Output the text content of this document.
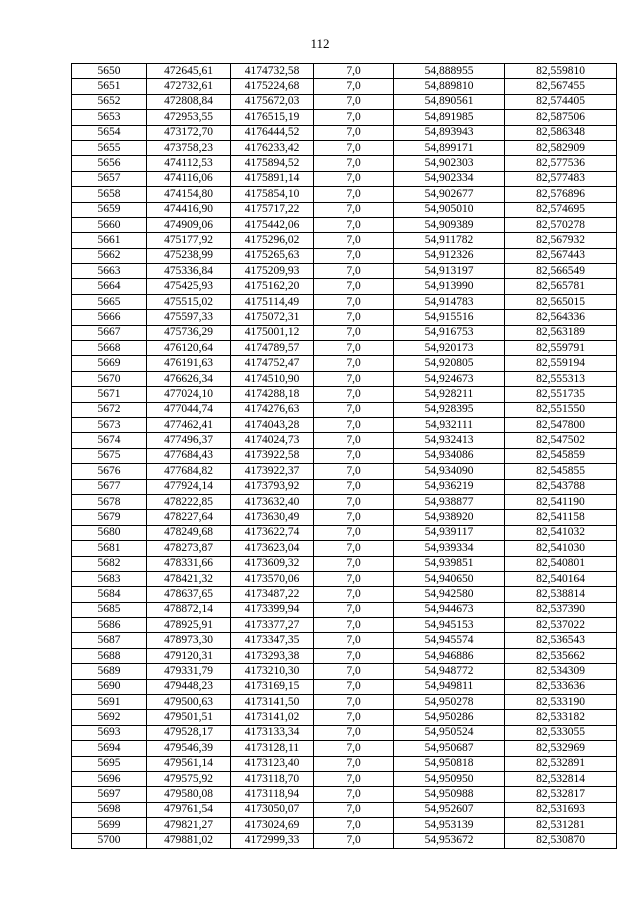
112
5650	472645,61	4174732,58	7,0	54,888955	82,559810
5651	472732,61	4175224,68	7,0	54,889810	82,567455
5652	472808,84	4175672,03	7,0	54,890561	82,574405
5653	472953,55	4176515,19	7,0	54,891985	82,587506
5654	473172,70	4176444,52	7,0	54,893943	82,586348
5655	473758,23	4176233,42	7,0	54,899171	82,582909
5656	474112,53	4175894,52	7,0	54,902303	82,577536
5657	474116,06	4175891,14	7,0	54,902334	82,577483
5658	474154,80	4175854,10	7,0	54,902677	82,576896
5659	474416,90	4175717,22	7,0	54,905010	82,574695
5660	474909,06	4175442,06	7,0	54,909389	82,570278
5661	475177,92	4175296,02	7,0	54,911782	82,567932
5662	475238,99	4175265,63	7,0	54,912326	82,567443
5663	475336,84	4175209,93	7,0	54,913197	82,566549
5664	475425,93	4175162,20	7,0	54,913990	82,565781
5665	475515,02	4175114,49	7,0	54,914783	82,565015
5666	475597,33	4175072,31	7,0	54,915516	82,564336
5667	475736,29	4175001,12	7,0	54,916753	82,563189
5668	476120,64	4174789,57	7,0	54,920173	82,559791
5669	476191,63	4174752,47	7,0	54,920805	82,559194
5670	476626,34	4174510,90	7,0	54,924673	82,555313
5671	477024,10	4174288,18	7,0	54,928211	82,551735
5672	477044,74	4174276,63	7,0	54,928395	82,551550
5673	477462,41	4174043,28	7,0	54,932111	82,547800
5674	477496,37	4174024,73	7,0	54,932413	82,547502
5675	477684,43	4173922,58	7,0	54,934086	82,545859
5676	477684,82	4173922,37	7,0	54,934090	82,545855
5677	477924,14	4173793,92	7,0	54,936219	82,543788
5678	478222,85	4173632,40	7,0	54,938877	82,541190
5679	478227,64	4173630,49	7,0	54,938920	82,541158
5680	478249,68	4173622,74	7,0	54,939117	82,541032
5681	478273,87	4173623,04	7,0	54,939334	82,541030
5682	478331,66	4173609,32	7,0	54,939851	82,540801
5683	478421,32	4173570,06	7,0	54,940650	82,540164
5684	478637,65	4173487,22	7,0	54,942580	82,538814
5685	478872,14	4173399,94	7,0	54,944673	82,537390
5686	478925,91	4173377,27	7,0	54,945153	82,537022
5687	478973,30	4173347,35	7,0	54,945574	82,536543
5688	479120,31	4173293,38	7,0	54,946886	82,535662
5689	479331,79	4173210,30	7,0	54,948772	82,534309
5690	479448,23	4173169,15	7,0	54,949811	82,533636
5691	479500,63	4173141,50	7,0	54,950278	82,533190
5692	479501,51	4173141,02	7,0	54,950286	82,533182
5693	479528,17	4173133,34	7,0	54,950524	82,533055
5694	479546,39	4173128,11	7,0	54,950687	82,532969
5695	479561,14	4173123,40	7,0	54,950818	82,532891
5696	479575,92	4173118,70	7,0	54,950950	82,532814
5697	479580,08	4173118,94	7,0	54,950988	82,532817
5698	479761,54	4173050,07	7,0	54,952607	82,531693
5699	479821,27	4173024,69	7,0	54,953139	82,531281
5700	479881,02	4172999,33	7,0	54,953672	82,530870
